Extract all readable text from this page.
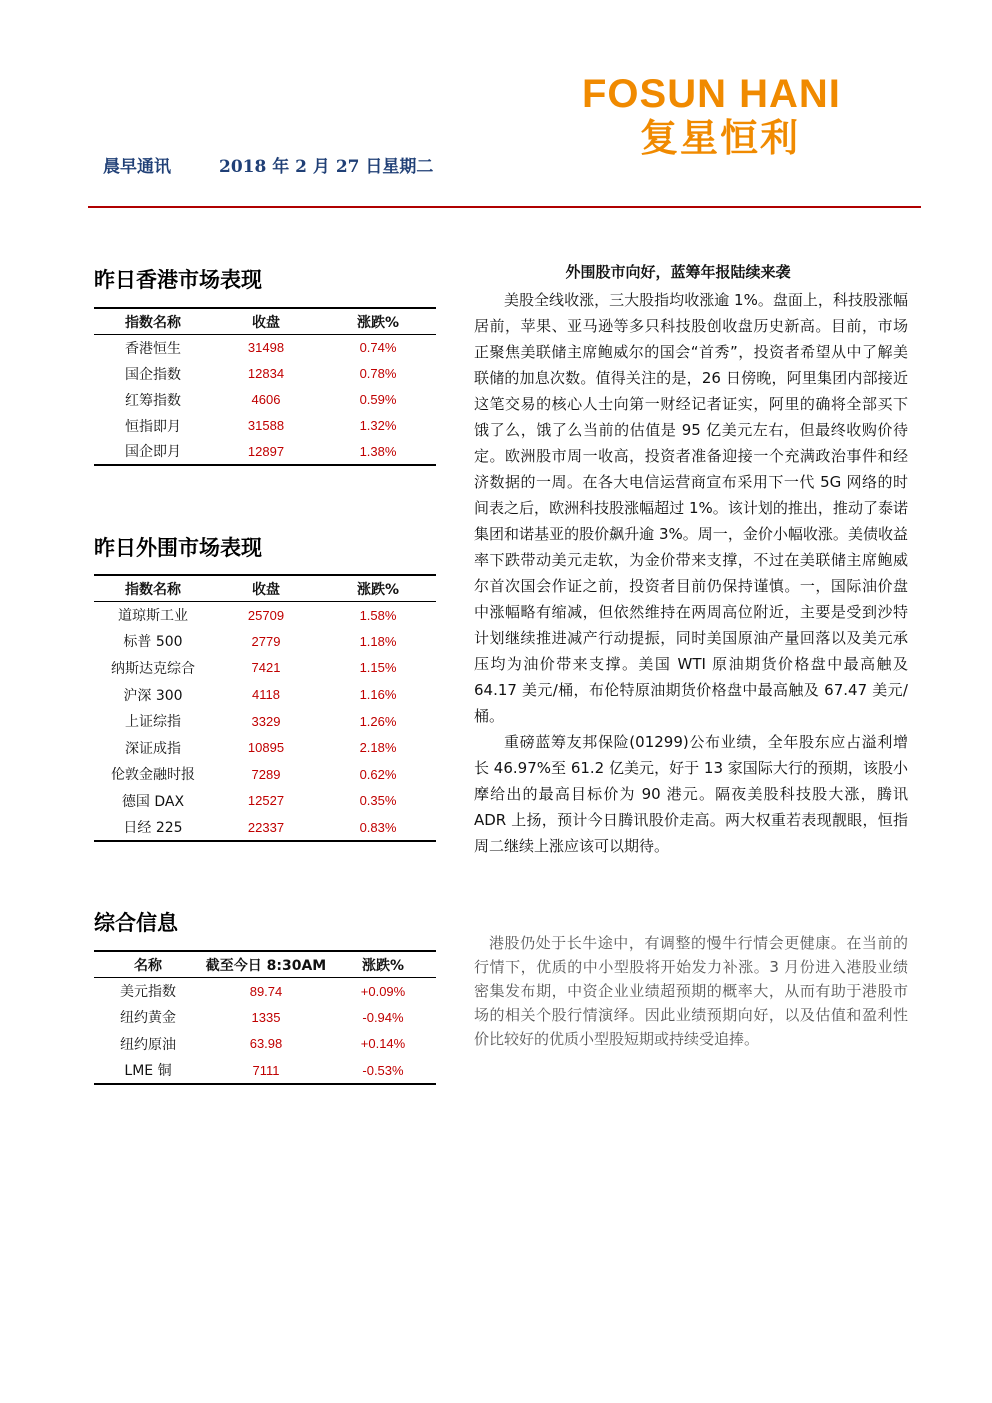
FOSUN HANI
复星恒利
晨早通讯	2018 年 2 月 27 日星期二
昨日香港市场表现
指数名称	收盘	涨跌%
香港恒生	31498	0.74%
国企指数	12834	0.78%
红筹指数	4606	0.59%
恒指即月	31588	1.32%
国企即月	12897	1.38%
昨日外围市场表现
指数名称	收盘	涨跌%
道琼斯工业	25709	1.58%
标普 500	2779	1.18%
纳斯达克综合	7421	1.15%
沪深 300	4118	1.16%
上证综指	3329	1.26%
深证成指	10895	2.18%
伦敦金融时报	7289	0.62%
德国 DAX	12527	0.35%
日经 225	22337	0.83%
综合信息
名称	截至今日 8:30AM	涨跌%
美元指数	89.74	+0.09%
纽约黄金	1335	-0.94%
纽约原油	63.98	+0.14%
LME 铜	7111	-0.53%
外围股市向好，蓝筹年报陆续来袭

美股全线收涨，三大股指均收涨逾 1%。盘面上，科技股涨幅居前，苹果、亚马逊等多只科技股创收盘历史新高。目前，市场正聚焦美联储主席鲍威尔的国会“首秀”，投资者希望从中了解美联储的加息次数。值得关注的是，26 日傍晚，阿里集团内部接近这笔交易的核心人士向第一财经记者证实，阿里的确将全部买下饿了么，饿了么当前的估值是 95 亿美元左右，但最终收购价待定。欧洲股市周一收高，投资者准备迎接一个充满政治事件和经济数据的一周。在各大电信运营商宣布采用下一代 5G 网络的时间表之后，欧洲科技股涨幅超过 1%。该计划的推出，推动了泰诺集团和诺基亚的股价飙升逾 3%。周一，金价小幅收涨。美债收益率下跌带动美元走软，为金价带来支撑，不过在美联储主席鲍威尔首次国会作证之前，投资者目前仍保持谨慎。一，国际油价盘中涨幅略有缩减，但依然维持在两周高位附近，主要是受到沙特计划继续推进减产行动提振，同时美国原油产量回落以及美元承压均为油价带来支撑。美国 WTI 原油期货价格盘中最高触及 64.17 美元/桶，布伦特原油期货价格盘中最高触及 67.47 美元/桶。

重磅蓝筹友邦保险(01299)公布业绩，全年股东应占溢利增长 46.97%至 61.2 亿美元，好于 13 家国际大行的预期，该股小摩给出的最高目标价为 90 港元。隔夜美股科技股大涨，腾讯 ADR 上扬，预计今日腾讯股价走高。两大权重若表现靓眼，恒指周二继续上涨应该可以期待。

港股仍处于长牛途中，有调整的慢牛行情会更健康。在当前的行情下，优质的中小型股将开始发力补涨。3 月份进入港股业绩密集发布期，中资企业业绩超预期的概率大，从而有助于港股市场的相关个股行情演绎。因此业绩预期向好，以及估值和盈利性价比较好的优质小型股短期或持续受追捧。
